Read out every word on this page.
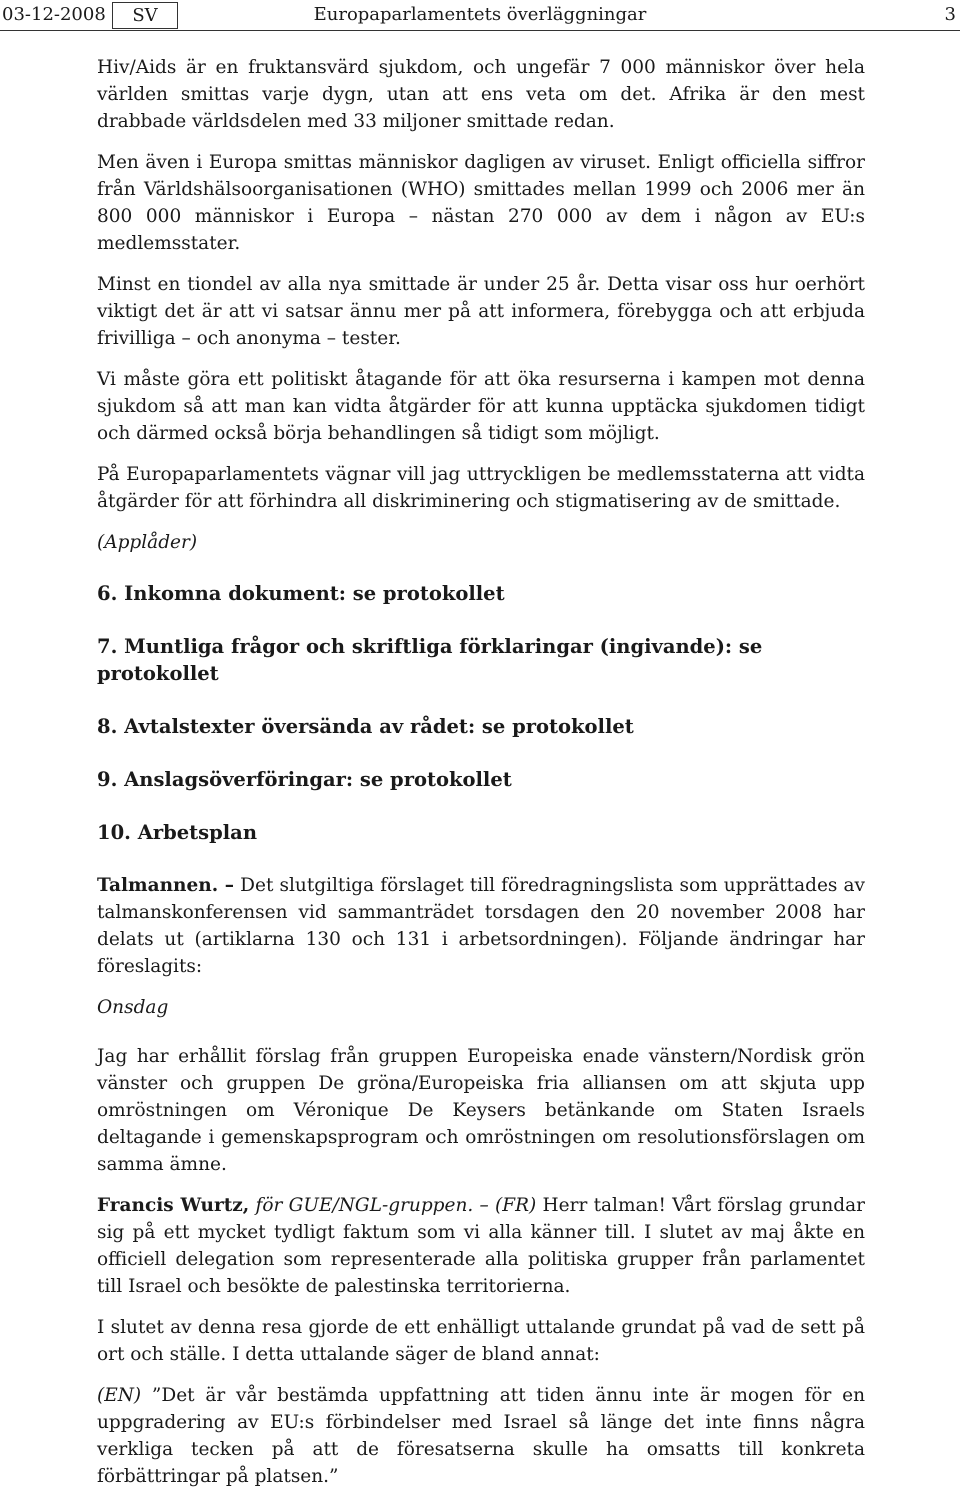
03-12-2008	SV	Europaparlamentets överläggningar	3

Hiv/Aids är en fruktansvärd sjukdom, och ungefär 7 000 människor över hela världen smittas varje dygn, utan att ens veta om det. Afrika är den mest drabbade världsdelen med 33 miljoner smittade redan.

Men även i Europa smittas människor dagligen av viruset. Enligt officiella siffror från Världshälsoorganisationen (WHO) smittades mellan 1999 och 2006 mer än 800 000 människor i Europa – nästan 270 000 av dem i någon av EU:s medlemsstater.

Minst en tiondel av alla nya smittade är under 25 år. Detta visar oss hur oerhört viktigt det är att vi satsar ännu mer på att informera, förebygga och att erbjuda frivilliga – och anonyma – tester.

Vi måste göra ett politiskt åtagande för att öka resurserna i kampen mot denna sjukdom så att man kan vidta åtgärder för att kunna upptäcka sjukdomen tidigt och därmed också börja behandlingen så tidigt som möjligt.

På Europaparlamentets vägnar vill jag uttryckligen be medlemsstaterna att vidta åtgärder för att förhindra all diskriminering och stigmatisering av de smittade.

(Applåder)

6. Inkomna dokument: se protokollet
7. Muntliga frågor och skriftliga förklaringar (ingivande): se protokollet
8. Avtalstexter översända av rådet: se protokollet
9. Anslagsöverföringar: se protokollet
10. Arbetsplan

Talmannen. – Det slutgiltiga förslaget till föredragningslista som upprättades av talmanskonferensen vid sammanträdet torsdagen den 20 november 2008 har delats ut (artiklarna 130 och 131 i arbetsordningen). Följande ändringar har föreslagits:

Onsdag

Jag har erhållit förslag från gruppen Europeiska enade vänstern/Nordisk grön vänster och gruppen De gröna/Europeiska fria alliansen om att skjuta upp omröstningen om Véronique De Keysers betänkande om Staten Israels deltagande i gemenskapsprogram och omröstningen om resolutionsförslagen om samma ämne.

Francis Wurtz, för GUE/NGL-gruppen. – (FR) Herr talman! Vårt förslag grundar sig på ett mycket tydligt faktum som vi alla känner till. I slutet av maj åkte en officiell delegation som representerade alla politiska grupper från parlamentet till Israel och besökte de palestinska territorierna.

I slutet av denna resa gjorde de ett enhälligt uttalande grundat på vad de sett på ort och ställe. I detta uttalande säger de bland annat:

(EN) ”Det är vår bestämda uppfattning att tiden ännu inte är mogen för en uppgradering av EU:s förbindelser med Israel så länge det inte finns några verkliga tecken på att de föresatserna skulle ha omsatts till konkreta förbättringar på platsen.”
